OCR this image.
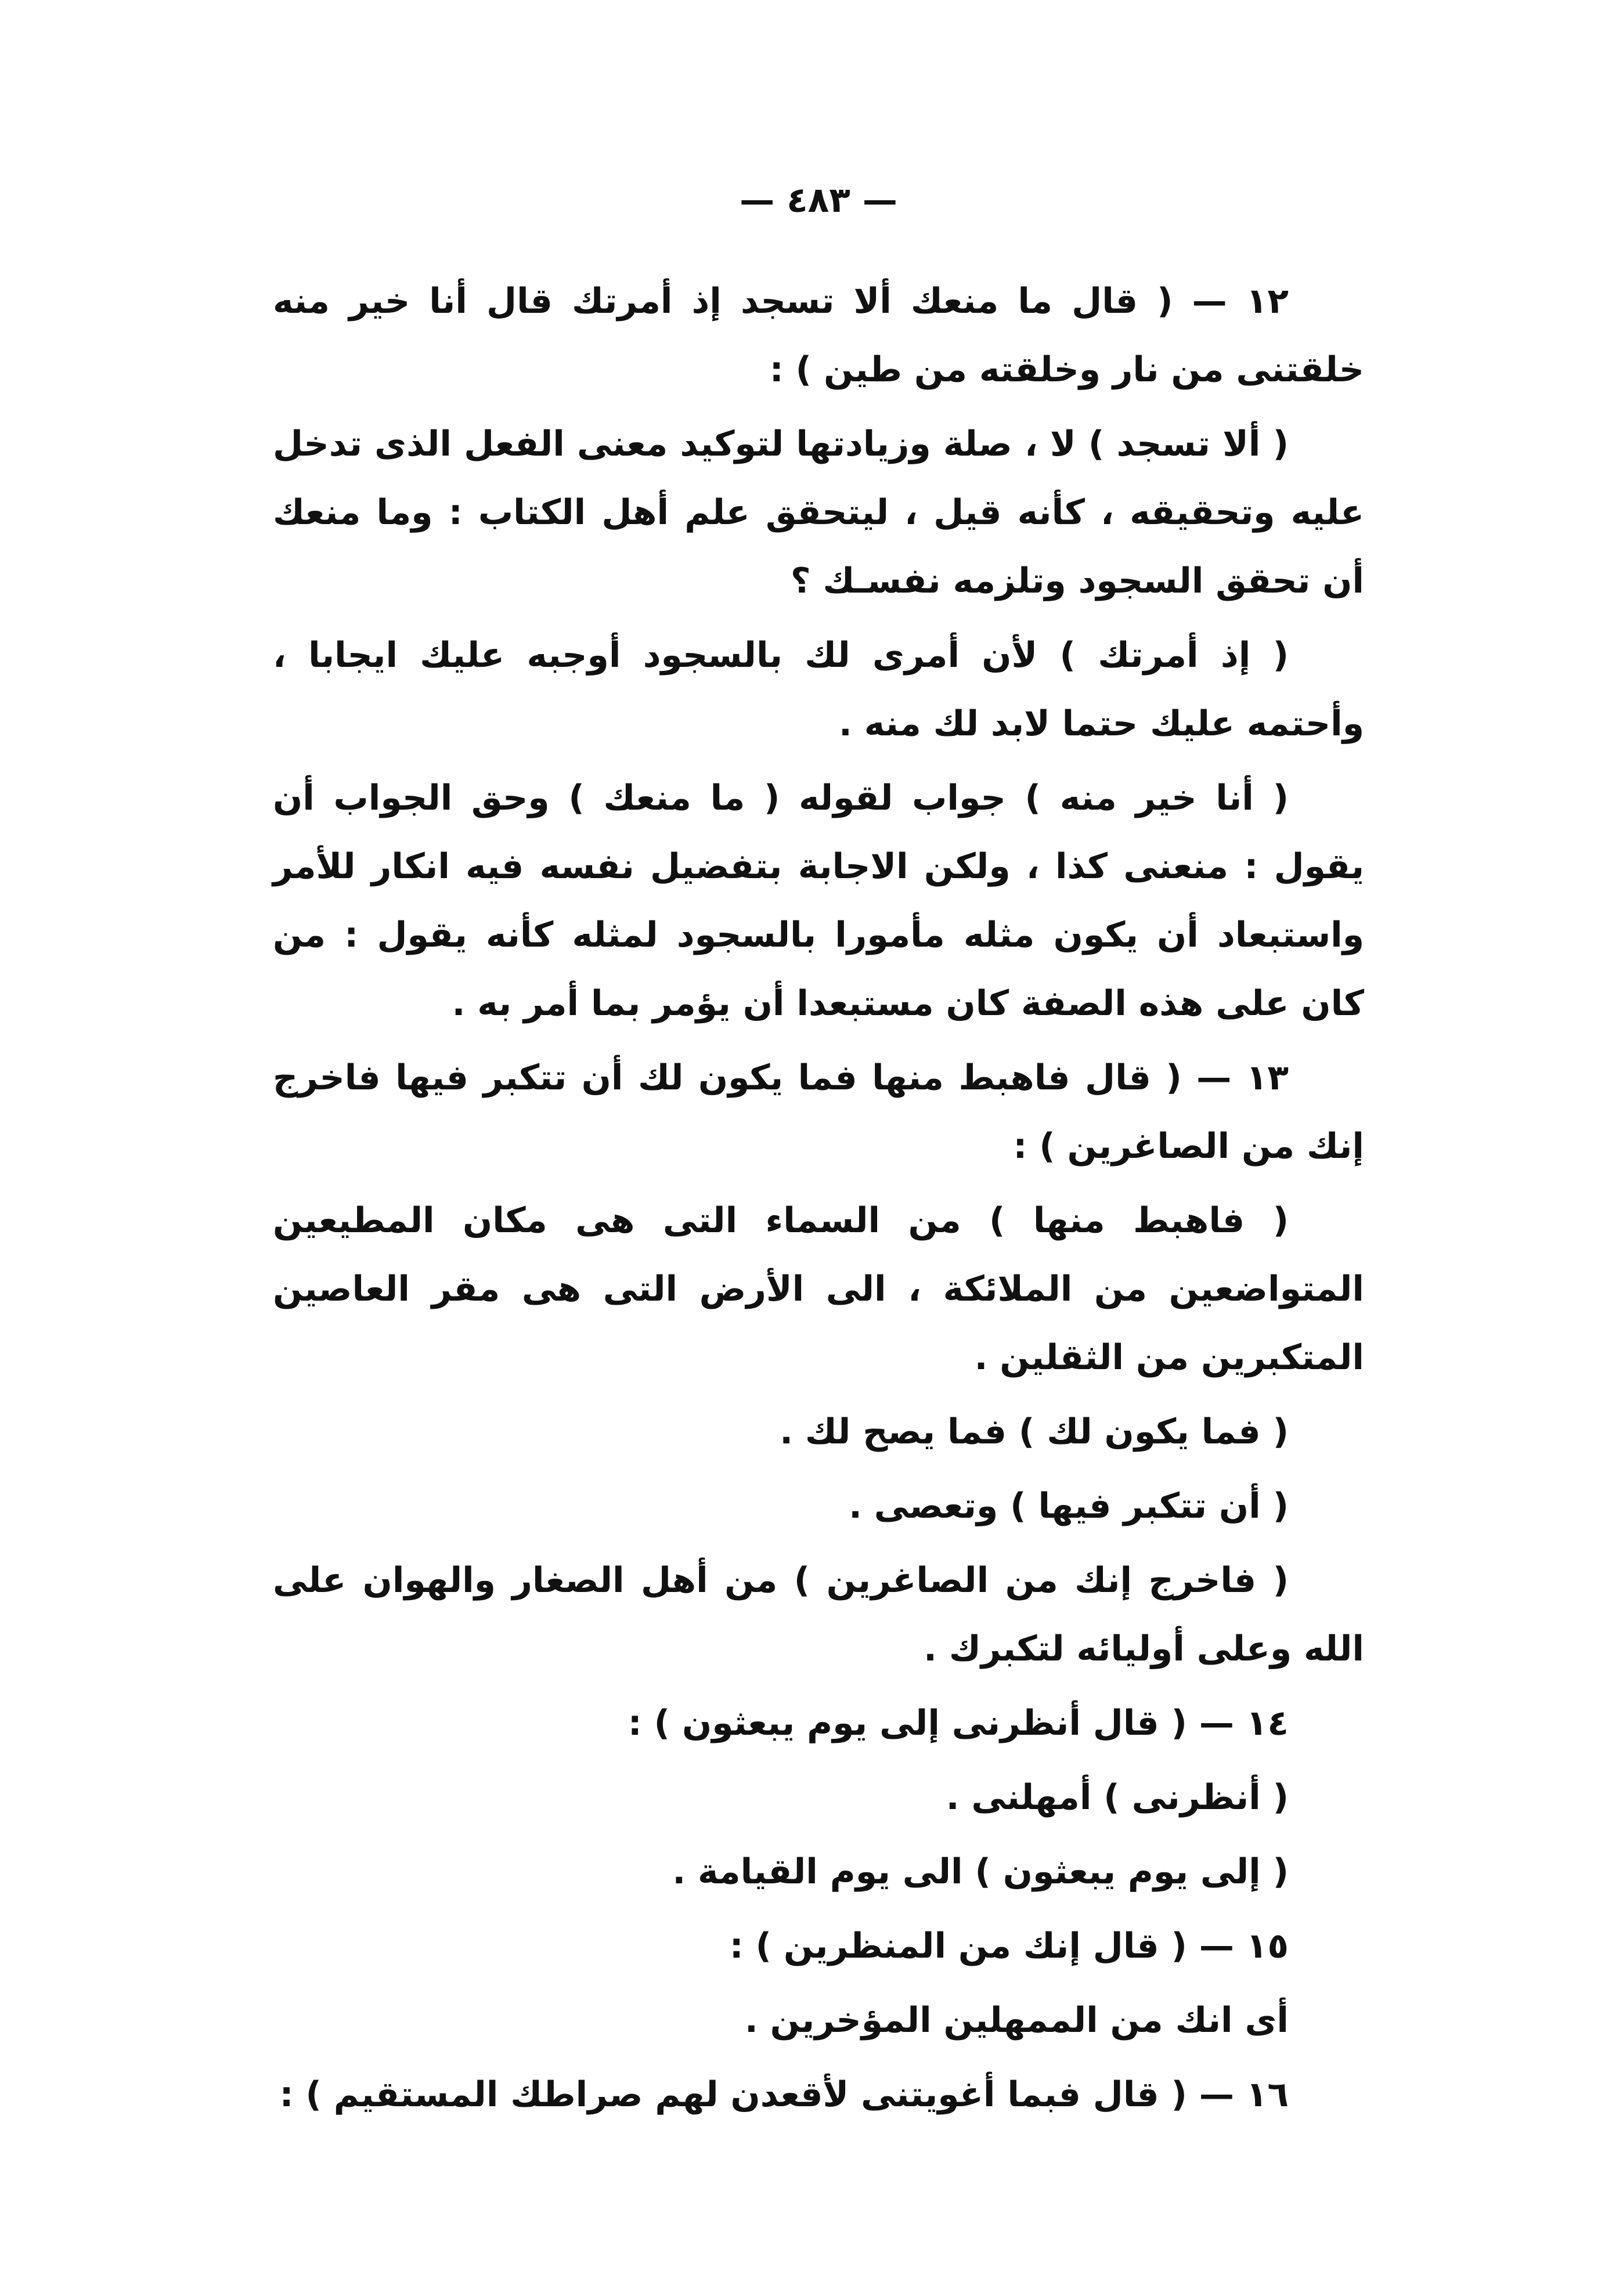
— ٤٨٣ —

١٢ — ( قال ما منعك ألا تسجد إذ أمرتك قال أنا خير منه خلقتنى من نار وخلقته من طين ) :

( ألا تسجد ) لا ، صلة وزيادتها لتوكيد معنى الفعل الذى تدخل عليه وتحقيقه ، كأنه قيل ، ليتحقق علم أهل الكتاب : وما منعك أن تحقق السجود وتلزمه نفسـك ؟

( إذ أمرتك ) لأن أمرى لك بالسجود أوجبه عليك ايجابا ، وأحتمه عليك حتما لابد لك منه .

( أنا خير منه ) جواب لقوله ( ما منعك ) وحق الجواب أن يقول : منعنى كذا ، ولكن الاجابة بتفضيل نفسه فيه انكار للأمر واستبعاد أن يكون مثله مأمورا بالسجود لمثله كأنه يقول : من كان على هذه الصفة كان مستبعدا أن يؤمر بما أمر به .

١٣ — ( قال فاهبط منها فما يكون لك أن تتكبر فيها فاخرج إنك من الصاغرين ) :

( فاهبط منها ) من السماء التى هى مكان المطيعين المتواضعين من الملائكة ، الى الأرض التى هى مقر العاصين المتكبرين من الثقلين .

( فما يكون لك ) فما يصح لك .

( أن تتكبر فيها ) وتعصى .

( فاخرج إنك من الصاغرين ) من أهل الصغار والهوان على الله وعلى أوليائه لتكبرك .

١٤ — ( قال أنظرنى إلى يوم يبعثون ) :

( أنظرنى ) أمهلنى .

( إلى يوم يبعثون ) الى يوم القيامة .

١٥ — ( قال إنك من المنظرين ) :

أى انك من الممهلين المؤخرين .

١٦ — ( قال فبما أغويتنى لأقعدن لهم صراطك المستقيم ) :
